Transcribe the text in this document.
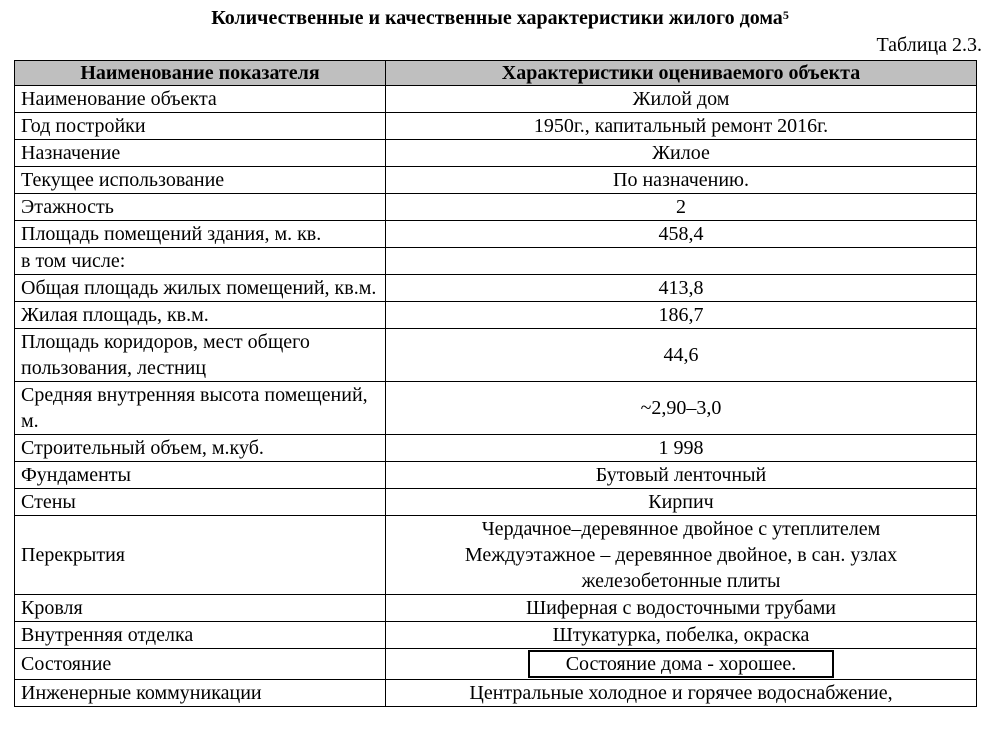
Количественные и качественные характеристики жилого дома$^5$
Таблица 2.3.
Наименование показателя	Характеристики оцениваемого объекта
Наименование объекта	Жилой дом
Год постройки	1950г., капитальный ремонт 2016г.
Назначение	Жилое
Текущее использование	По назначению.
Этажность	2
Площадь помещений здания, м. кв.	458,4
в том числе:	
Общая площадь жилых помещений, кв.м.	413,8
Жилая площадь, кв.м.	186,7
Площадь коридоров, мест общего пользования, лестниц	44,6
Средняя внутренняя высота помещений, м.	~2,90–3,0
Строительный объем, м.куб.	1 998
Фундаменты	Бутовый ленточный
Стены	Кирпич
Перекрытия	Чердачное–деревянное двойное с утеплителем
Междуэтажное – деревянное двойное, в сан. узлах
железобетонные плиты
Кровля	Шиферная с водосточными трубами
Внутренняя отделка	Штукатурка, побелка, окраска
Состояние	Состояние дома - хорошее.
Инженерные коммуникации	Центральные холодное и горячее водоснабжение,
